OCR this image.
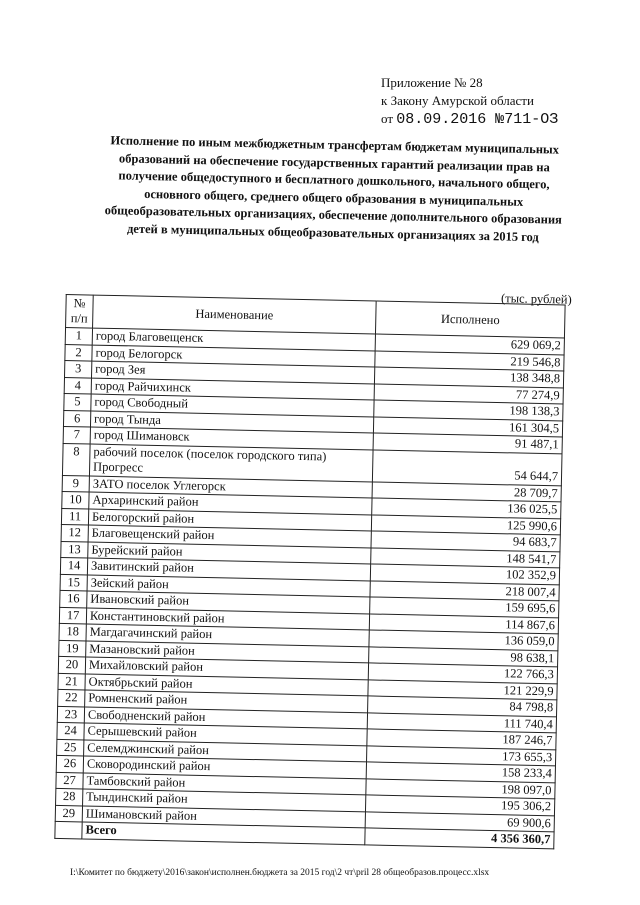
Приложение № 28
к Закону Амурской области
от 08.09.2016 №711-ОЗ
Исполнение по иным межбюджетным трансфертам бюджетам муниципальных образований на обеспечение государственных гарантий реализации прав на получение общедоступного и бесплатного дошкольного, начального общего, основного общего, среднего общего образования в муниципальных общеобразовательных организациях, обеспечение дополнительного образования детей в муниципальных общеобразовательных организациях за 2015 год
(тыс. рублей)
№ п/п	Наименование	Исполнено
1	город Благовещенск	629 069,2
2	город Белогорск	219 546,8
3	город Зея	138 348,8
4	город Райчихинск	77 274,9
5	город Свободный	198 138,3
6	город Тында	161 304,5
7	город Шимановск	91 487,1
8	рабочий поселок (поселок городского типа) Прогресс	54 644,7
9	ЗАТО поселок Углегорск	28 709,7
10	Архаринский район	136 025,5
11	Белогорский район	125 990,6
12	Благовещенский район	94 683,7
13	Бурейский район	148 541,7
14	Завитинский район	102 352,9
15	Зейский район	218 007,4
16	Ивановский район	159 695,6
17	Константиновский район	114 867,6
18	Магдагачинский район	136 059,0
19	Мазановский район	98 638,1
20	Михайловский район	122 766,3
21	Октябрьский район	121 229,9
22	Ромненский район	84 798,8
23	Свободненский район	111 740,4
24	Серышевский район	187 246,7
25	Селемджинский район	173 655,3
26	Сковородинский район	158 233,4
27	Тамбовский район	198 097,0
28	Тындинский район	195 306,2
29	Шимановский район	69 900,6
	Всего	4 356 360,7
I:\Комитет по бюджету\2016\закон\исполнен.бюджета за 2015 год\2 чт\pril 28 общеобразов.процесс.xlsx
